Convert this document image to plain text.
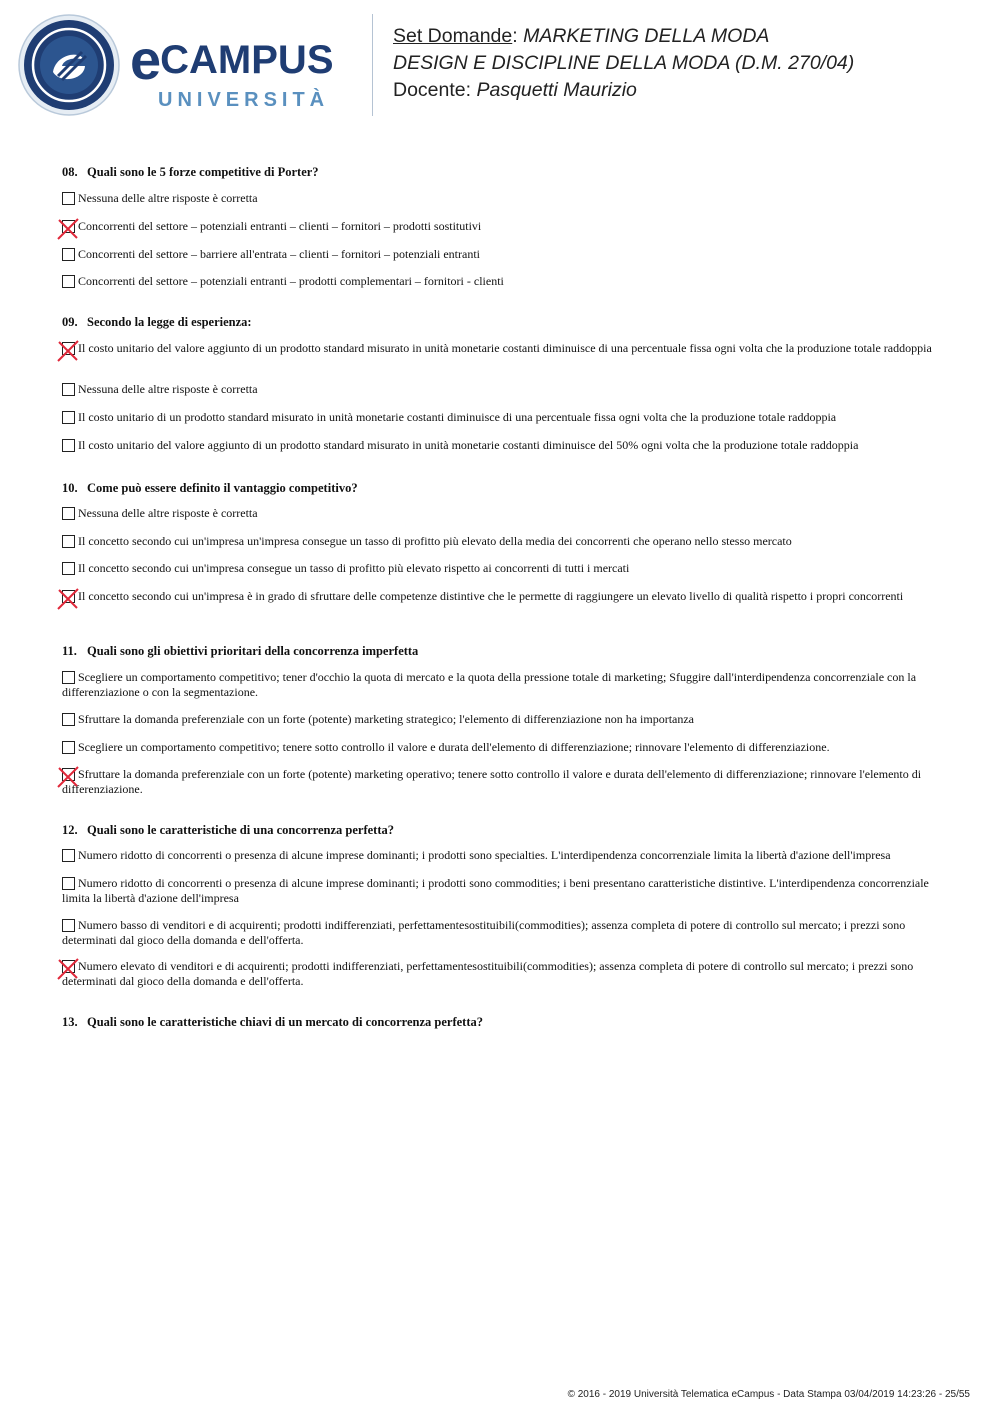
eCAMPUS
UNIVERSITÀ
Set Domande: MARKETING DELLA MODA
DESIGN E DISCIPLINE DELLA MODA (D.M. 270/04)
Docente: Pasquetti Maurizio
08. Quali sono le 5 forze competitive di Porter?
Nessuna delle altre risposte è corretta
Concorrenti del settore – potenziali entranti – clienti – fornitori – prodotti sostitutivi
Concorrenti del settore – barriere all'entrata – clienti – fornitori – potenziali entranti
Concorrenti del settore – potenziali entranti – prodotti complementari – fornitori - clienti
09. Secondo la legge di esperienza:
Il costo unitario del valore aggiunto di un prodotto standard misurato in unità monetarie costanti diminuisce di una percentuale fissa ogni volta che la produzione totale raddoppia
Nessuna delle altre risposte è corretta
Il costo unitario di un prodotto standard misurato in unità monetarie costanti diminuisce di una percentuale fissa ogni volta che la produzione totale raddoppia
Il costo unitario del valore aggiunto di un prodotto standard misurato in unità monetarie costanti diminuisce del 50% ogni volta che la produzione totale raddoppia
10. Come può essere definito il vantaggio competitivo?
Nessuna delle altre risposte è corretta
Il concetto secondo cui un'impresa un'impresa consegue un tasso di profitto più elevato della media dei concorrenti che operano nello stesso mercato
Il concetto secondo cui un'impresa consegue un tasso di profitto più elevato rispetto ai concorrenti di tutti i mercati
Il concetto secondo cui un'impresa è in grado di sfruttare delle competenze distintive che le permette di raggiungere un elevato livello di qualità rispetto i propri concorrenti
11. Quali sono gli obiettivi prioritari della concorrenza imperfetta
Scegliere un comportamento competitivo; tener d'occhio la quota di mercato e la quota della pressione totale di marketing; Sfuggire dall'interdipendenza concorrenziale con la differenziazione o con la segmentazione.
Sfruttare la domanda preferenziale con un forte (potente) marketing strategico; l'elemento di differenziazione non ha importanza
Scegliere un comportamento competitivo; tenere sotto controllo il valore e durata dell'elemento di differenziazione; rinnovare l'elemento di differenziazione.
Sfruttare la domanda preferenziale con un forte (potente) marketing operativo; tenere sotto controllo il valore e durata dell'elemento di differenziazione; rinnovare l'elemento di differenziazione.
12. Quali sono le caratteristiche di una concorrenza perfetta?
Numero ridotto di concorrenti o presenza di alcune imprese dominanti; i prodotti sono specialties. L'interdipendenza concorrenziale limita la libertà d'azione dell'impresa
Numero ridotto di concorrenti o presenza di alcune imprese dominanti; i prodotti sono commodities; i beni presentano caratteristiche distintive. L'interdipendenza concorrenziale limita la libertà d'azione dell'impresa
Numero basso di venditori e di acquirenti; prodotti indifferenziati, perfettamentesostituibili(commodities); assenza completa di potere di controllo sul mercato; i prezzi sono determinati dal gioco della domanda e dell'offerta.
Numero elevato di venditori e di acquirenti; prodotti indifferenziati, perfettamentesostituibili(commodities); assenza completa di potere di controllo sul mercato; i prezzi sono determinati dal gioco della domanda e dell'offerta.
13. Quali sono le caratteristiche chiavi di un mercato di concorrenza perfetta?
© 2016 - 2019 Università Telematica eCampus - Data Stampa 03/04/2019 14:23:26 - 25/55
